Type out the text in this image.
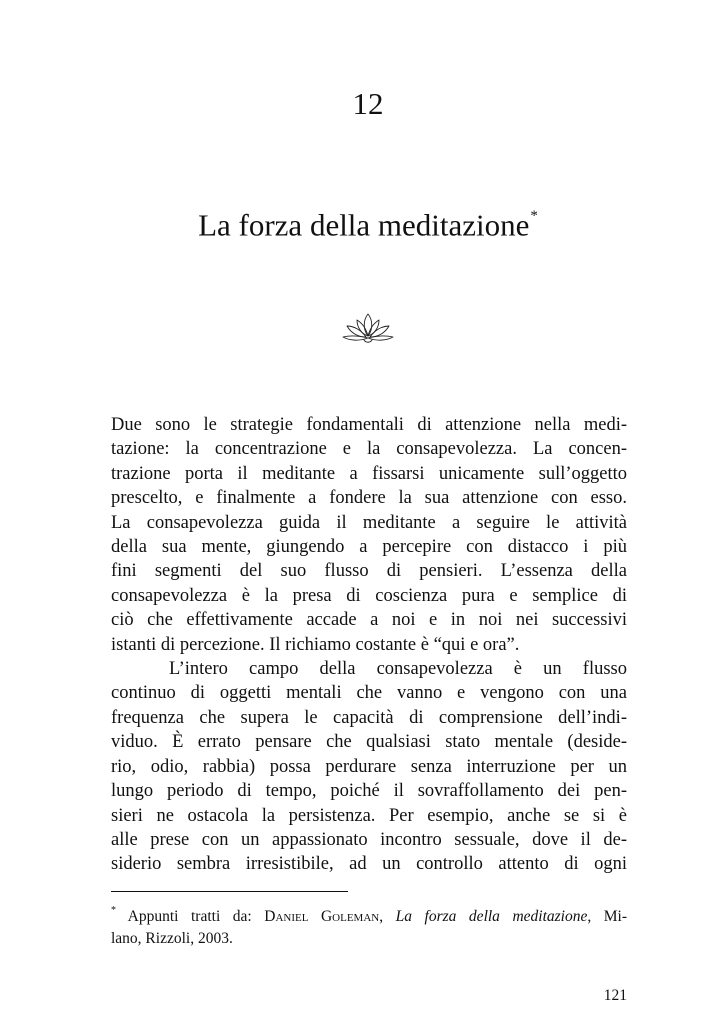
12
La forza della meditazione*
Due sono le strategie fondamentali di attenzione nella medi-
tazione: la concentrazione e la consapevolezza. La concen-
trazione porta il meditante a fissarsi unicamente sull’oggetto
prescelto, e finalmente a fondere la sua attenzione con esso.
La consapevolezza guida il meditante a seguire le attività
della sua mente, giungendo a percepire con distacco i più
fini segmenti del suo flusso di pensieri. L’essenza della
consapevolezza è la presa di coscienza pura e semplice di
ciò che effettivamente accade a noi e in noi nei successivi
istanti di percezione. Il richiamo costante è “qui e ora”.
L’intero campo della consapevolezza è un flusso
continuo di oggetti mentali che vanno e vengono con una
frequenza che supera le capacità di comprensione dell’indi-
viduo. È errato pensare che qualsiasi stato mentale (deside-
rio, odio, rabbia) possa perdurare senza interruzione per un
lungo periodo di tempo, poiché il sovraffollamento dei pen-
sieri ne ostacola la persistenza. Per esempio, anche se si è
alle prese con un appassionato incontro sessuale, dove il de-
siderio sembra irresistibile, ad un controllo attento di ogni
* Appunti tratti da: Daniel Goleman, La forza della meditazione, Mi-
lano, Rizzoli, 2003.
121
